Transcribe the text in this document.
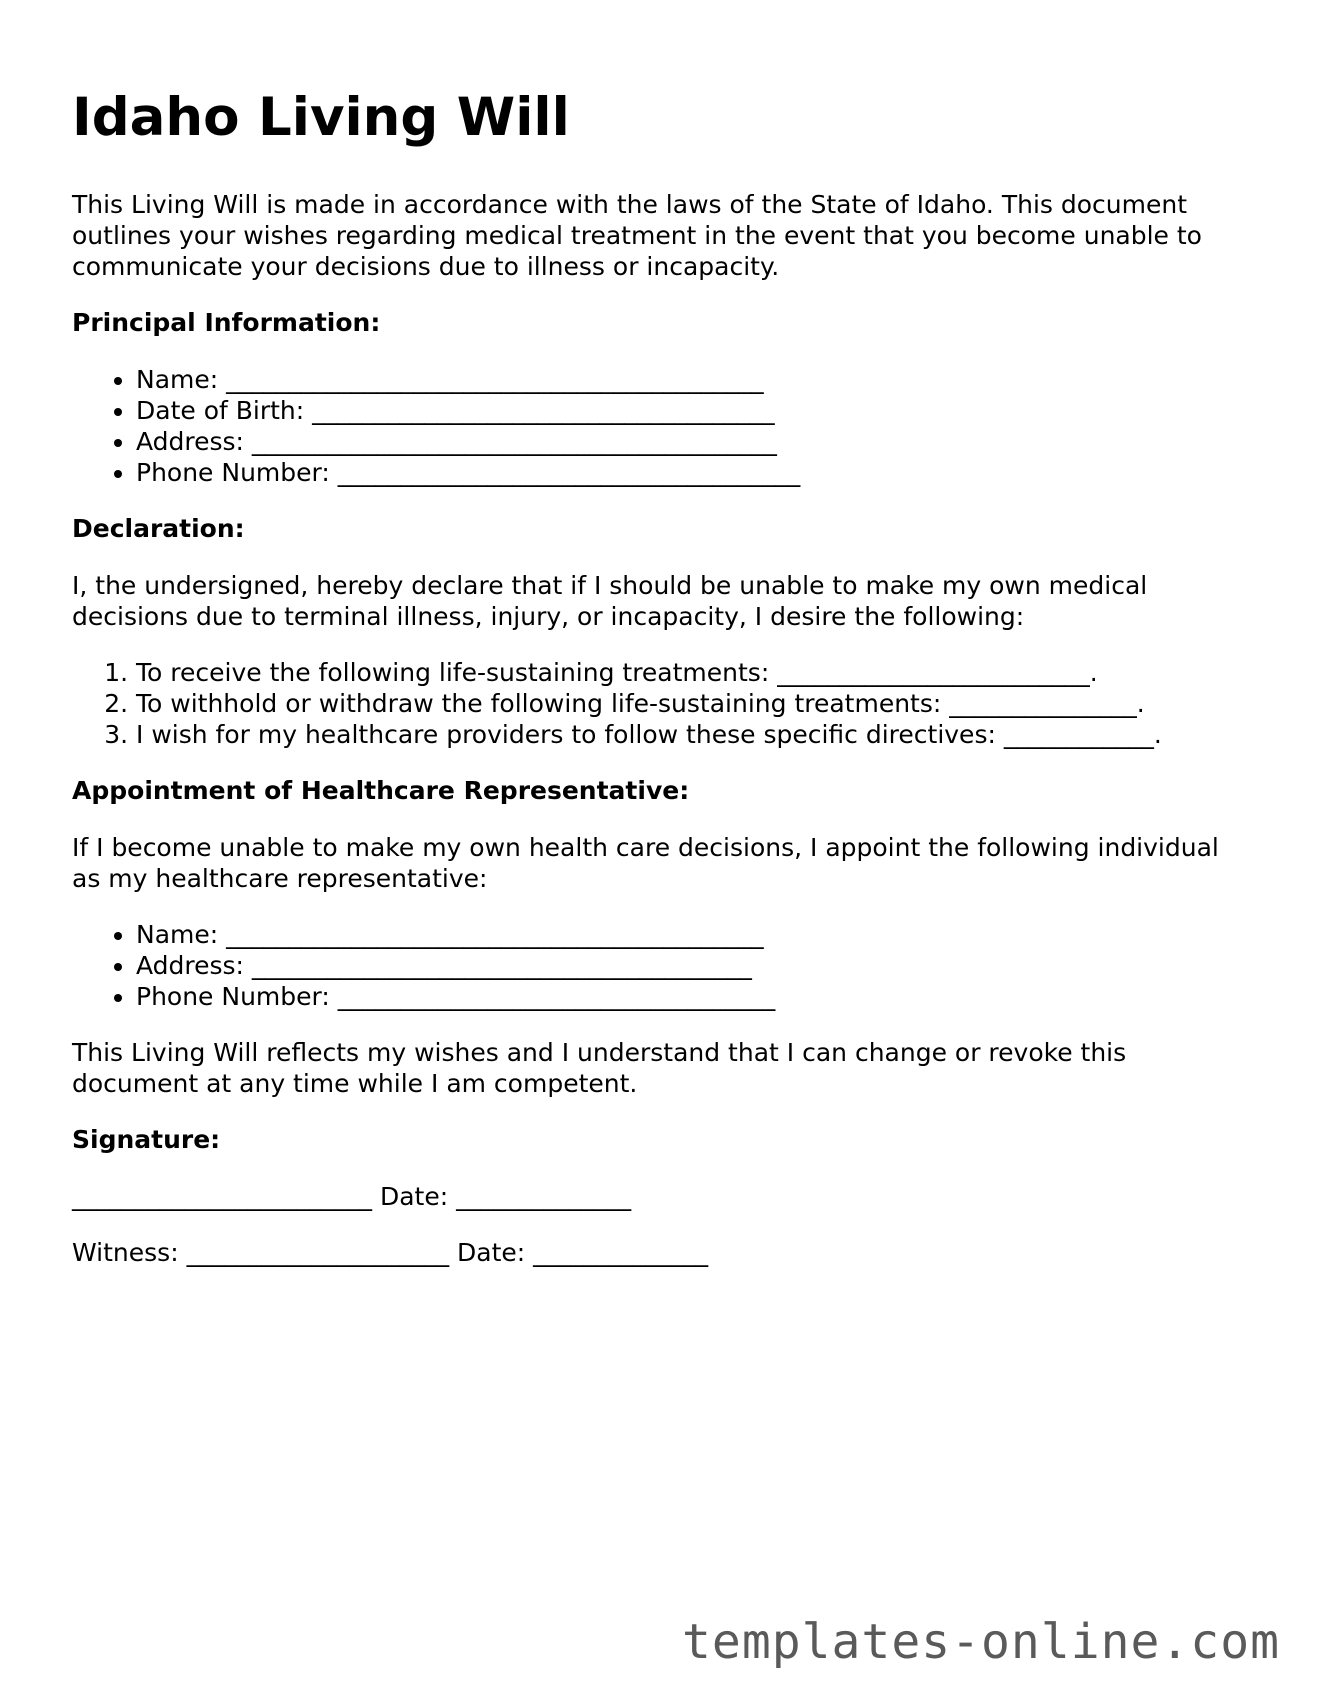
Idaho Living Will

This Living Will is made in accordance with the laws of the State of Idaho. This document outlines your wishes regarding medical treatment in the event that you become unable to communicate your decisions due to illness or incapacity.

Principal Information:
• Name: ___________________________________________
• Date of Birth: _____________________________________
• Address: __________________________________________
• Phone Number: _____________________________________
Declaration:

I, the undersigned, hereby declare that if I should be unable to make my own medical decisions due to terminal illness, injury, or incapacity, I desire the following:

1. To receive the following life-sustaining treatments: _________________________.
2. To withhold or withdraw the following life-sustaining treatments: _______________.
3. I wish for my healthcare providers to follow these specific directives: ____________.
Appointment of Healthcare Representative:

If I become unable to make my own health care decisions, I appoint the following individual as my healthcare representative:

• Name: ___________________________________________
• Address: ________________________________________
• Phone Number: ___________________________________

This Living Will reflects my wishes and I understand that I can change or revoke this document at any time while I am competent.

Signature:

________________________ Date: ______________

Witness: _____________________ Date: ______________

templates-online.com
